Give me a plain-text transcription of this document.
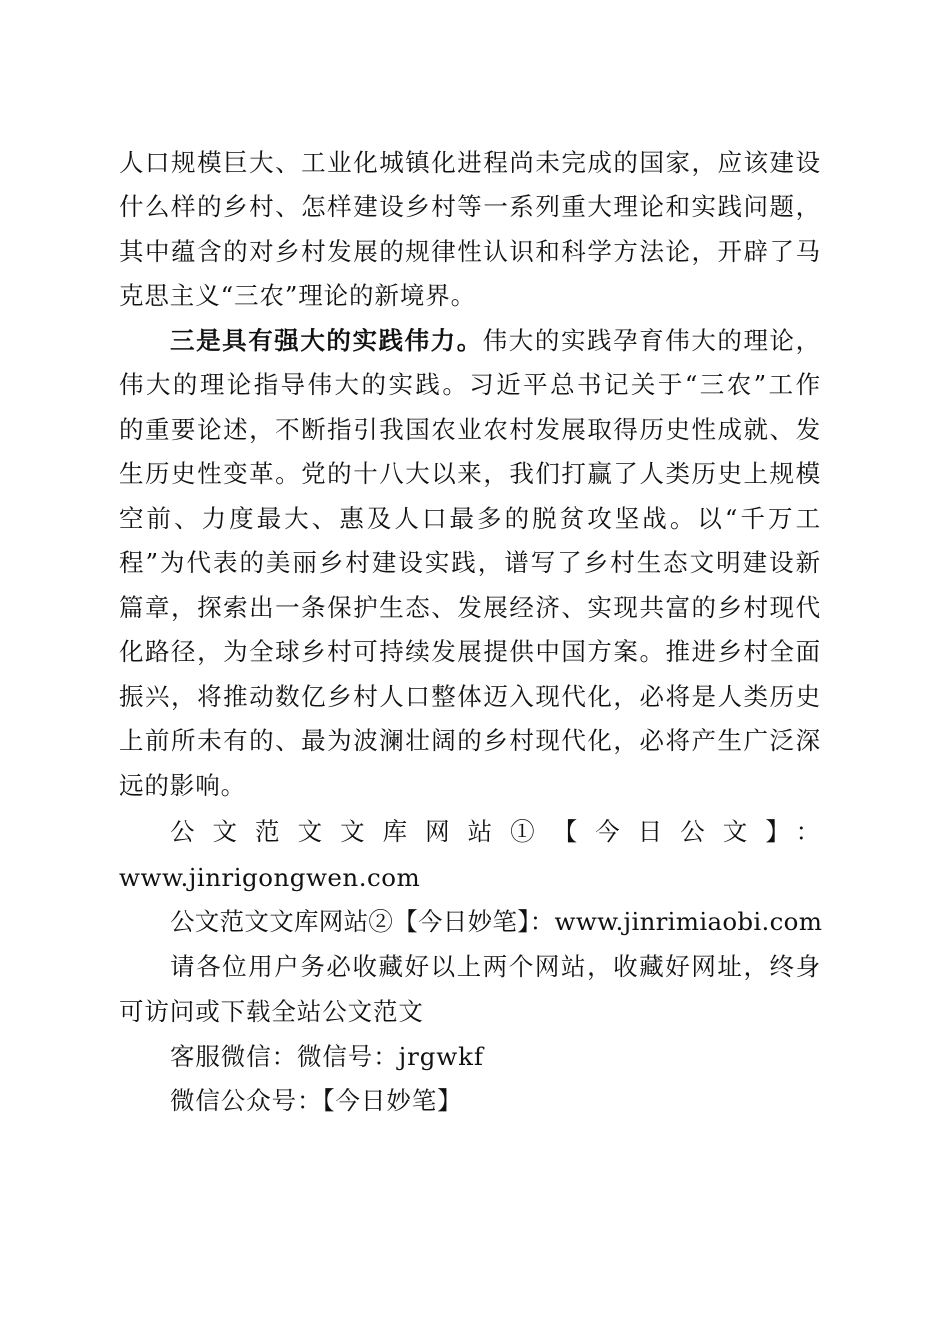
人口规模巨大、工业化城镇化进程尚未完成的国家，应该建设

什么样的乡村、怎样建设乡村等一系列重大理论和实践问题，

其中蕴含的对乡村发展的规律性认识和科学方法论，开辟了马

克思主义“三农”理论的新境界。

三是具有强大的实践伟力。伟大的实践孕育伟大的理论，

伟大的理论指导伟大的实践。习近平总书记关于“三农”工作

的重要论述，不断指引我国农业农村发展取得历史性成就、发

生历史性变革。党的十八大以来，我们打赢了人类历史上规模

空前、力度最大、惠及人口最多的脱贫攻坚战。以“千万工

程”为代表的美丽乡村建设实践，谱写了乡村生态文明建设新

篇章，探索出一条保护生态、发展经济、实现共富的乡村现代

化路径，为全球乡村可持续发展提供中国方案。推进乡村全面

振兴，将推动数亿乡村人口整体迈入现代化，必将是人类历史

上前所未有的、最为波澜壮阔的乡村现代化，必将产生广泛深

远的影响。

公文范文文库网站①【今日公文】：

www.jinrigongwen.com

公文范文文库网站②【今日妙笔】：www.jinrimiaobi.com

请各位用户务必收藏好以上两个网站，收藏好网址，终身

可访问或下载全站公文范文

客服微信：微信号：jrgwkf

微信公众号：【今日妙笔】
